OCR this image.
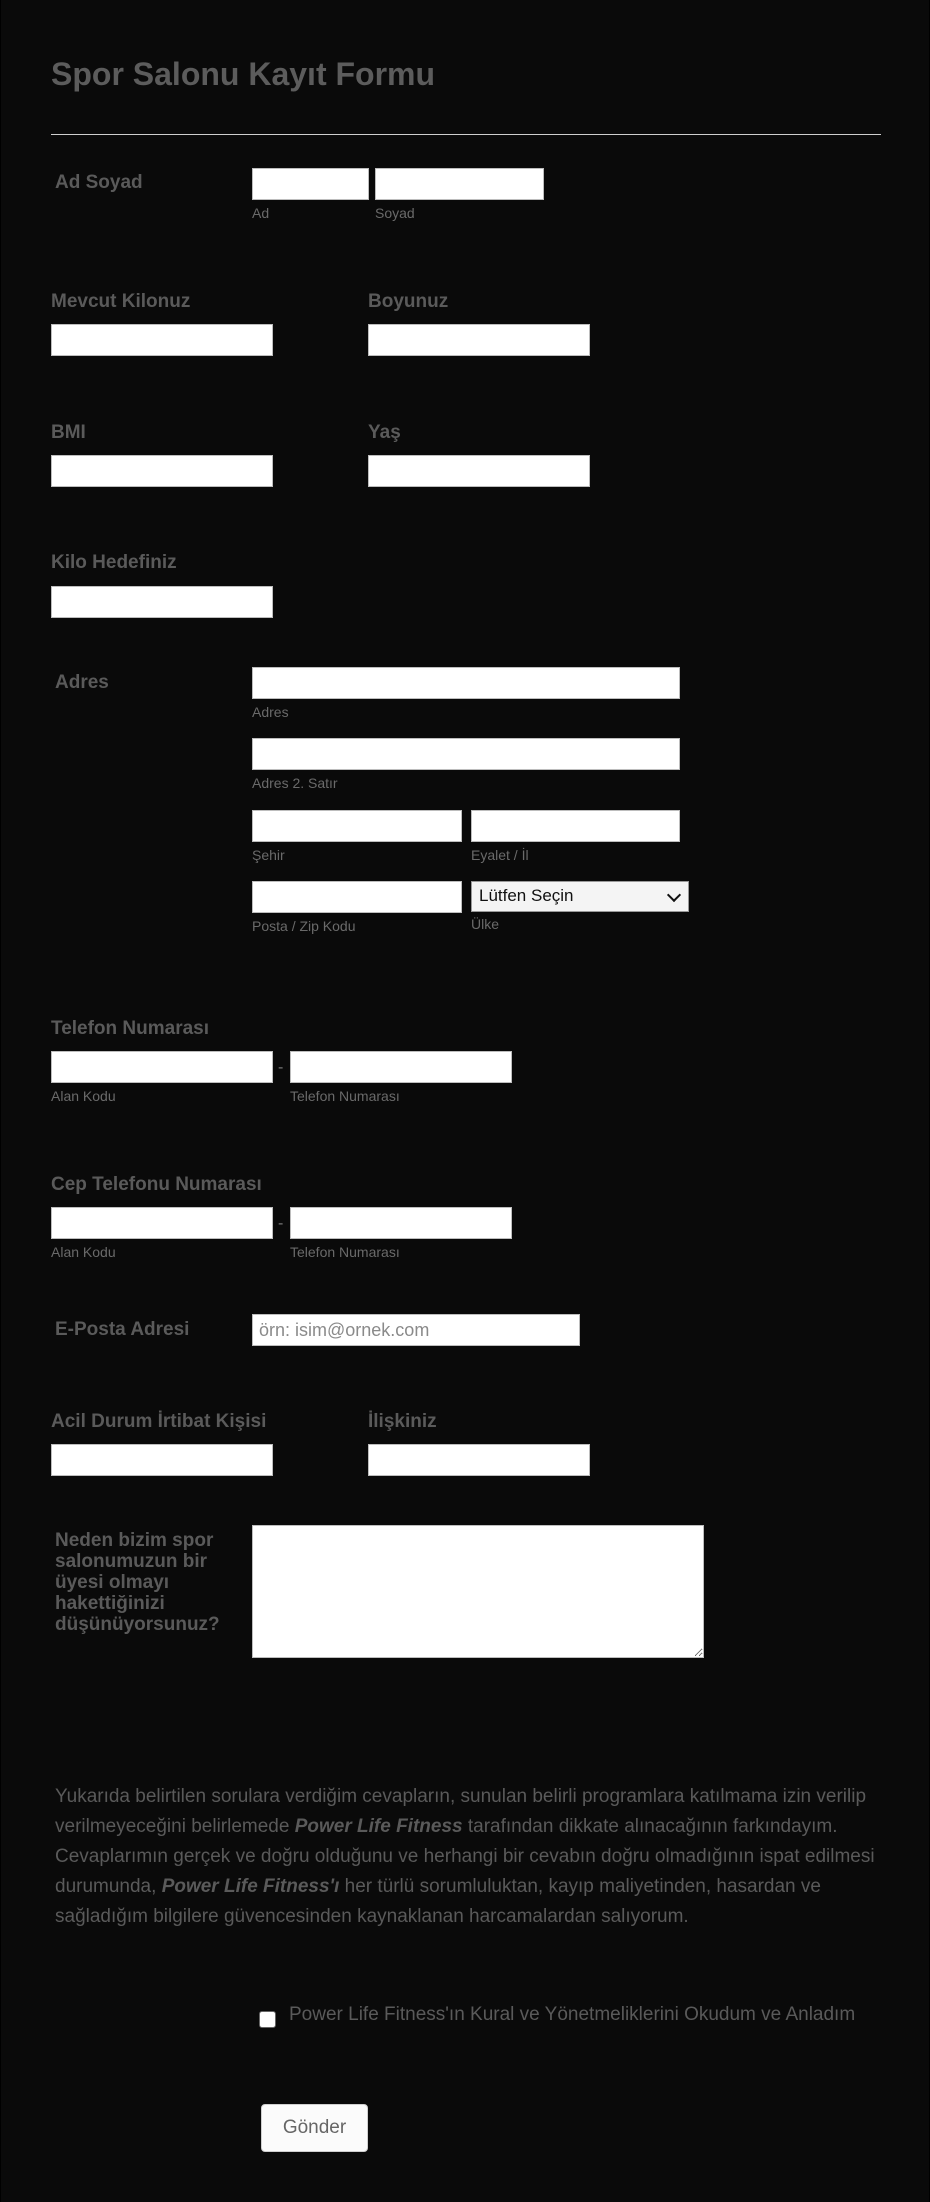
Spor Salonu Kayıt Formu
Ad Soyad
Ad	Soyad
Mevcut Kilonuz	Boyunuz
BMI	Yaş
Kilo Hedefiniz
Adres
Adres
Adres 2. Satır
Şehir	Eyalet / İl
Lütfen Seçin
Posta / Zip Kodu	Ülke
Telefon Numarası
-
Alan Kodu	Telefon Numarası
Cep Telefonu Numarası
-
Alan Kodu	Telefon Numarası
E-Posta Adresi
örn: isim@ornek.com
Acil Durum İrtibat Kişisi	İlişkiniz
Neden bizim spor
salonumuzun bir
üyesi olmayı
hakettiğinizi
düşünüyorsunuz?
Yukarıda belirtilen sorulara verdiğim cevapların, sunulan belirli programlara katılmama izin verilip verilmeyeceğini belirlemede Power Life Fitness tarafından dikkate alınacağının farkındayım. Cevaplarımın gerçek ve doğru olduğunu ve herhangi bir cevabın doğru olmadığının ispat edilmesi durumunda, Power Life Fitness'ı her türlü sorumluluktan, kayıp maliyetinden, hasardan ve sağladığım bilgilere güvencesinden kaynaklanan harcamalardan salıyorum.
Power Life Fitness'ın Kural ve Yönetmeliklerini Okudum ve Anladım
Gönder
